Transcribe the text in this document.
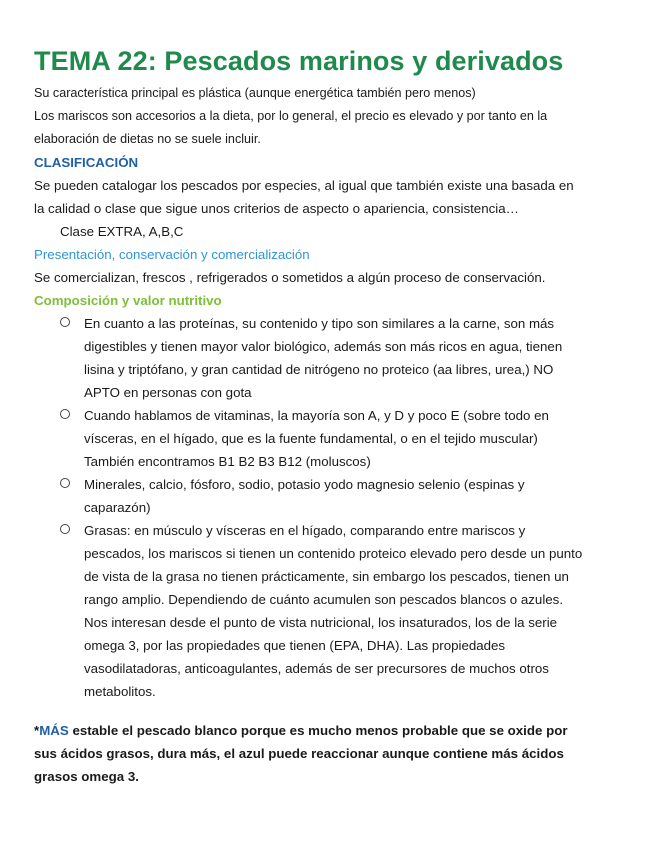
TEMA 22: Pescados marinos y derivados

Su característica principal es plástica (aunque energética también pero menos)

Los mariscos son accesorios a la dieta, por lo general, el precio es elevado y por tanto en la

elaboración de dietas no se suele incluir.

CLASIFICACIÓN

Se pueden catalogar los pescados por especies, al igual que también existe una basada en

la calidad o clase que sigue unos criterios de aspecto o apariencia, consistencia…

Clase EXTRA, A,B,C

Presentación, conservación y comercialización

Se comercializan, frescos , refrigerados o sometidos a algún proceso de conservación.

Composición y valor nutritivo

En cuanto a las proteínas, su contenido y tipo son similares a la carne, son más
digestibles y tienen mayor valor biológico, además son más ricos en agua, tienen
lisina y triptófano, y gran cantidad de nitrógeno no proteico (aa libres, urea,) NO
APTO en personas con gota
Cuando hablamos de vitaminas, la mayoría son A, y D y poco E (sobre todo en
vísceras, en el hígado, que es la fuente fundamental, o en el tejido muscular)
También encontramos B1 B2 B3 B12 (moluscos)
Minerales, calcio, fósforo, sodio, potasio yodo magnesio selenio (espinas y
caparazón)
Grasas: en músculo y vísceras en el hígado, comparando entre mariscos y
pescados, los mariscos si tienen un contenido proteico elevado pero desde un punto
de vista de la grasa no tienen prácticamente, sin embargo los pescados, tienen un
rango amplio. Dependiendo de cuánto acumulen son pescados blancos o azules.
Nos interesan desde el punto de vista nutricional, los insaturados, los de la serie
omega 3, por las propiedades que tienen (EPA, DHA). Las propiedades
vasodilatadoras, anticoagulantes, además de ser precursores de muchos otros
metabolitos.
*MÁS estable el pescado blanco porque es mucho menos probable que se oxide por
sus ácidos grasos, dura más, el azul puede reaccionar aunque contiene más ácidos
grasos omega 3.
